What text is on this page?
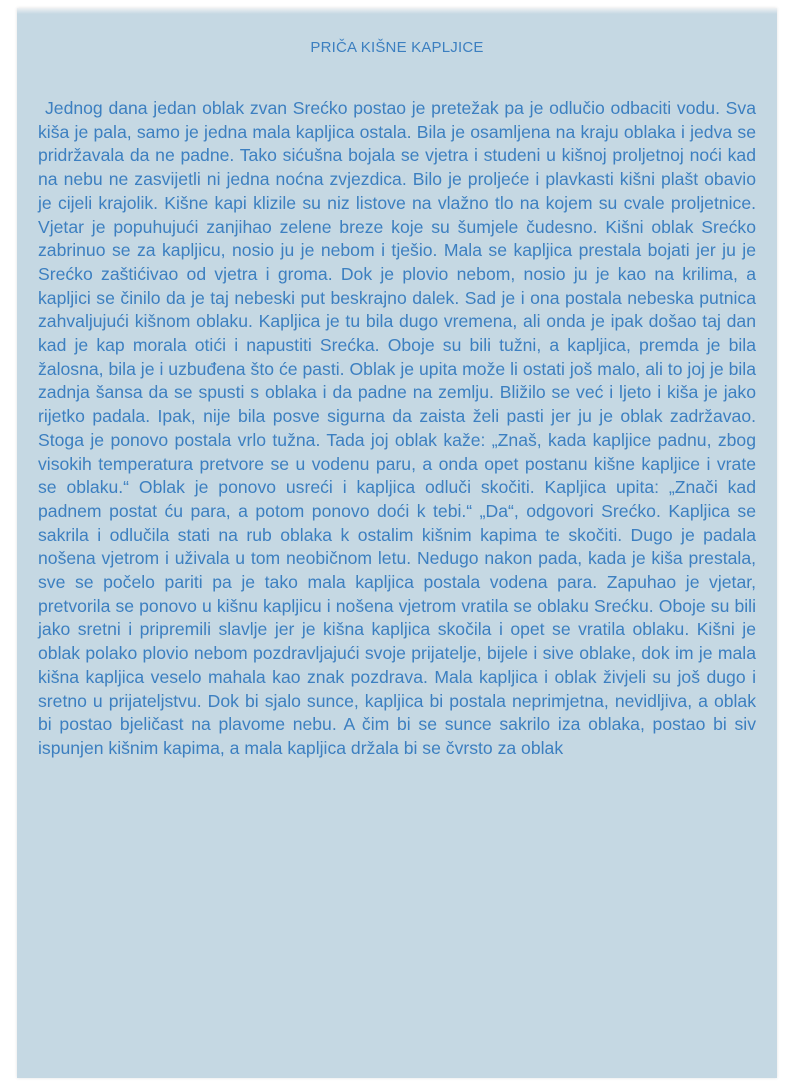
PRIČA KIŠNE KAPLJICE

Jednog dana jedan oblak zvan Srećko postao je pretežak pa je odlučio odbaciti vodu. Sva kiša je pala, samo je jedna mala kapljica ostala. Bila je osamljena na kraju oblaka i jedva se pridržavala da ne padne. Tako sićušna bojala se vjetra i studeni u kišnoj proljetnoj noći kad na nebu ne zasvijetli ni jedna noćna zvjezdica. Bilo je proljeće i plavkasti kišni plašt obavio je cijeli krajolik. Kišne kapi klizile su niz listove na vlažno tlo na kojem su cvale proljetnice. Vjetar je popuhujući zanjihao zelene breze koje su šumjele čudesno. Kišni oblak Srećko zabrinuo se za kapljicu, nosio ju je nebom i tješio. Mala se kapljica prestala bojati jer ju je Srećko zaštićivao od vjetra i groma. Dok je plovio nebom, nosio ju je kao na krilima, a kapljici se činilo da je taj nebeski put beskrajno dalek. Sad je i ona postala nebeska putnica zahvaljujući kišnom oblaku. Kapljica je tu bila dugo vremena, ali onda je ipak došao taj dan kad je kap morala otići i napustiti Srećka. Oboje su bili tužni, a kapljica, premda je bila žalosna, bila je i uzbuđena što će pasti. Oblak je upita može li ostati još malo, ali to joj je bila zadnja šansa da se spusti s oblaka i da padne na zemlju. Bližilo se već i ljeto i kiša je jako rijetko padala. Ipak, nije bila posve sigurna da zaista želi pasti jer ju je oblak zadržavao. Stoga je ponovo postala vrlo tužna. Tada joj oblak kaže: „Znaš, kada kapljice padnu, zbog visokih temperatura pretvore se u vodenu paru, a onda opet postanu kišne kapljice i vrate se oblaku.“ Oblak je ponovo usreći i kapljica odluči skočiti. Kapljica upita: „Znači kad padnem postat ću para, a potom ponovo doći k tebi.“ „Da“, odgovori Srećko. Kapljica se sakrila i odlučila stati na rub oblaka k ostalim kišnim kapima te skočiti. Dugo je padala nošena vjetrom i uživala u tom neobičnom letu. Nedugo nakon pada, kada je kiša prestala, sve se počelo pariti pa je tako mala kapljica postala vodena para. Zapuhao je vjetar, pretvorila se ponovo u kišnu kapljicu i nošena vjetrom vratila se oblaku Srećku. Oboje su bili jako sretni i pripremili slavlje jer je kišna kapljica skočila i opet se vratila oblaku. Kišni je oblak polako plovio nebom pozdravljajući svoje prijatelje, bijele i sive oblake, dok im je mala kišna kapljica veselo mahala kao znak pozdrava. Mala kapljica i oblak živjeli su još dugo i sretno u prijateljstvu. Dok bi sjalo sunce, kapljica bi postala neprimjetna, nevidljiva, a oblak bi postao bjeličast na plavome nebu. A čim bi se sunce sakrilo iza oblaka, postao bi siv ispunjen kišnim kapima, a mala kapljica držala bi se čvrsto za oblak
